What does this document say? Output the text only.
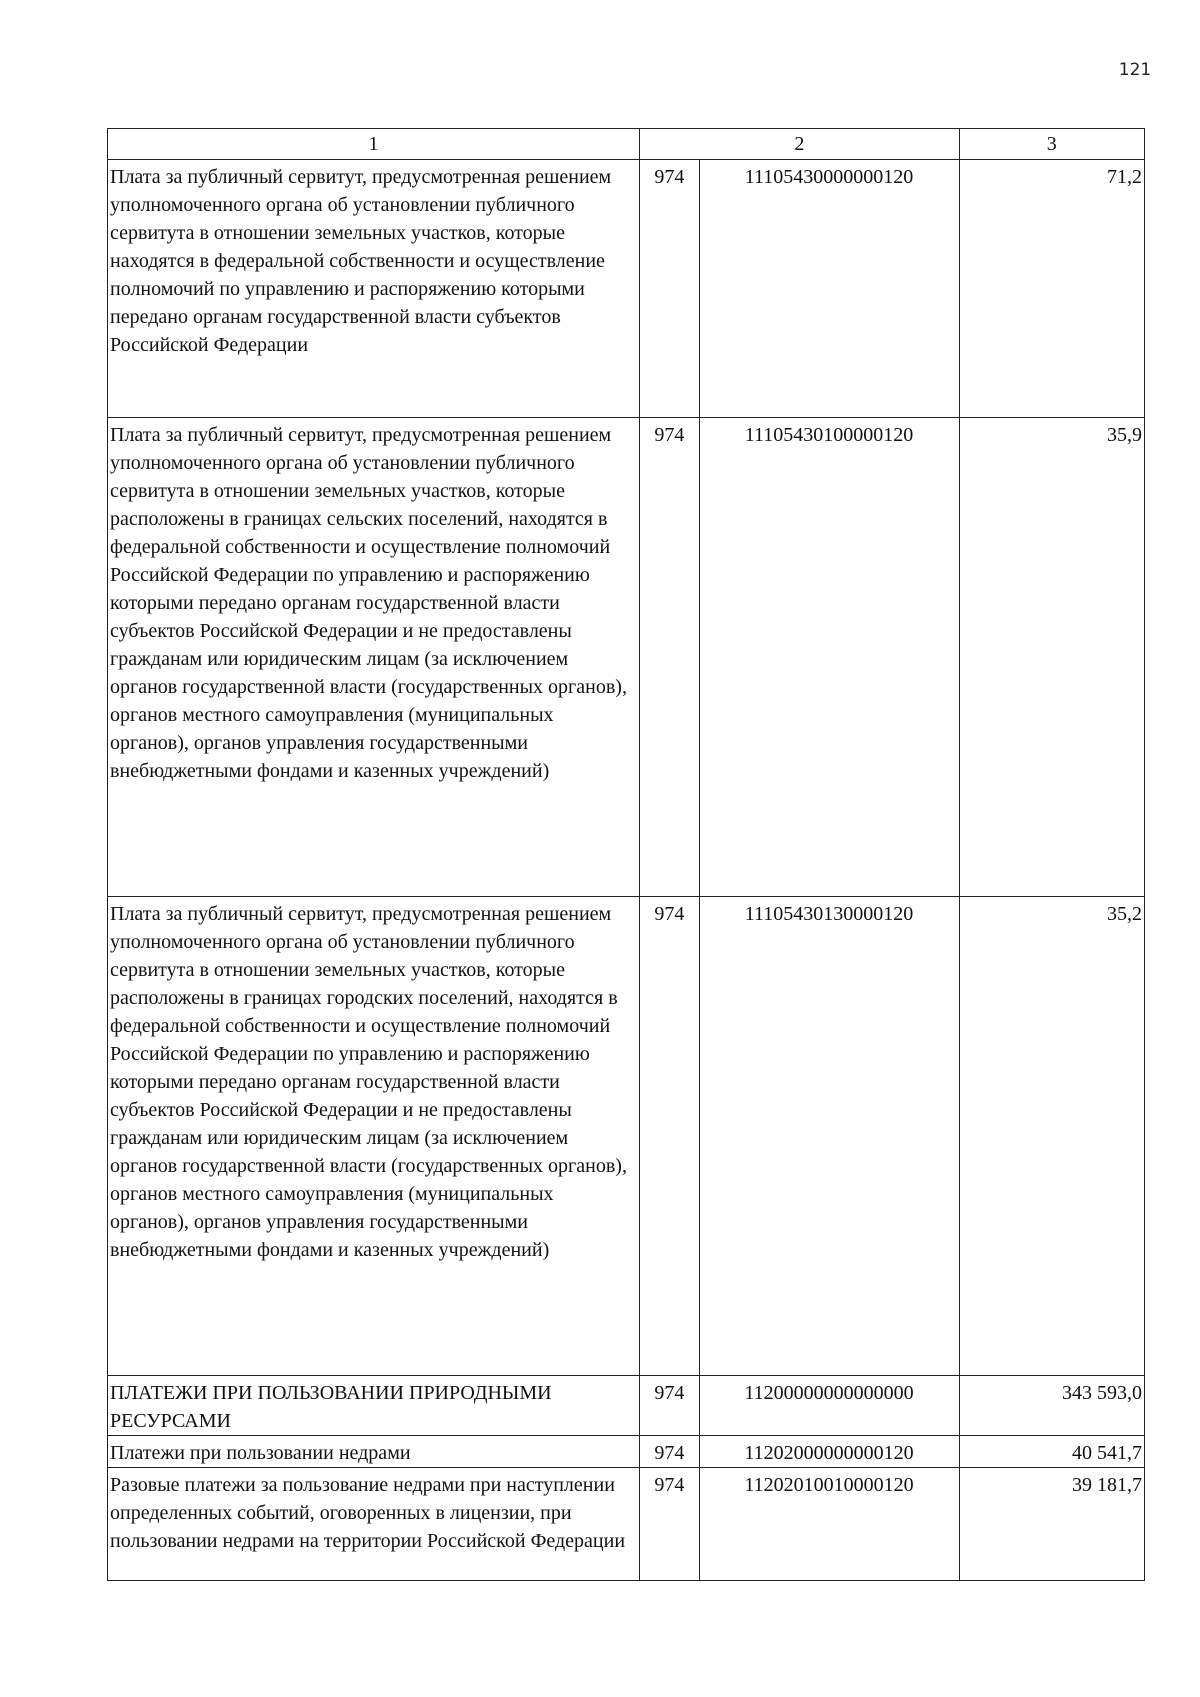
121
1	2		3
Плата за публичный сервитут, предусмотренная решением уполномоченного органа об установлении публичного сервитута в отношении земельных участков, которые находятся в федеральной собственности и осуществление полномочий по управлению и распоряжению которыми передано органам государственной власти субъектов Российской Федерации	974	11105430000000120	71,2
Плата за публичный сервитут, предусмотренная решением уполномоченного органа об установлении публичного сервитута в отношении земельных участков, которые расположены в границах сельских поселений, находятся в федеральной собственности и осуществление полномочий Российской Федерации по управлению и распоряжению которыми передано органам государственной власти субъектов Российской Федерации и не предоставлены гражданам или юридическим лицам (за исключением органов государственной власти (государственных органов), органов местного самоуправления (муниципальных органов), органов управления государственными внебюджетными фондами и казенных учреждений)	974	11105430100000120	35,9
Плата за публичный сервитут, предусмотренная решением уполномоченного органа об установлении публичного сервитута в отношении земельных участков, которые расположены в границах городских поселений, находятся в федеральной собственности и осуществление полномочий Российской Федерации по управлению и распоряжению которыми передано органам государственной власти субъектов Российской Федерации и не предоставлены гражданам или юридическим лицам (за исключением органов государственной власти (государственных органов), органов местного самоуправления (муниципальных органов), органов управления государственными внебюджетными фондами и казенных учреждений)	974	11105430130000120	35,2
ПЛАТЕЖИ ПРИ ПОЛЬЗОВАНИИ ПРИРОДНЫМИ РЕСУРСАМИ	974	11200000000000000	343 593,0
Платежи при пользовании недрами	974	11202000000000120	40 541,7
Разовые платежи за пользование недрами при наступлении определенных событий, оговоренных в лицензии, при пользовании недрами на территории Российской Федерации	974	11202010010000120	39 181,7
